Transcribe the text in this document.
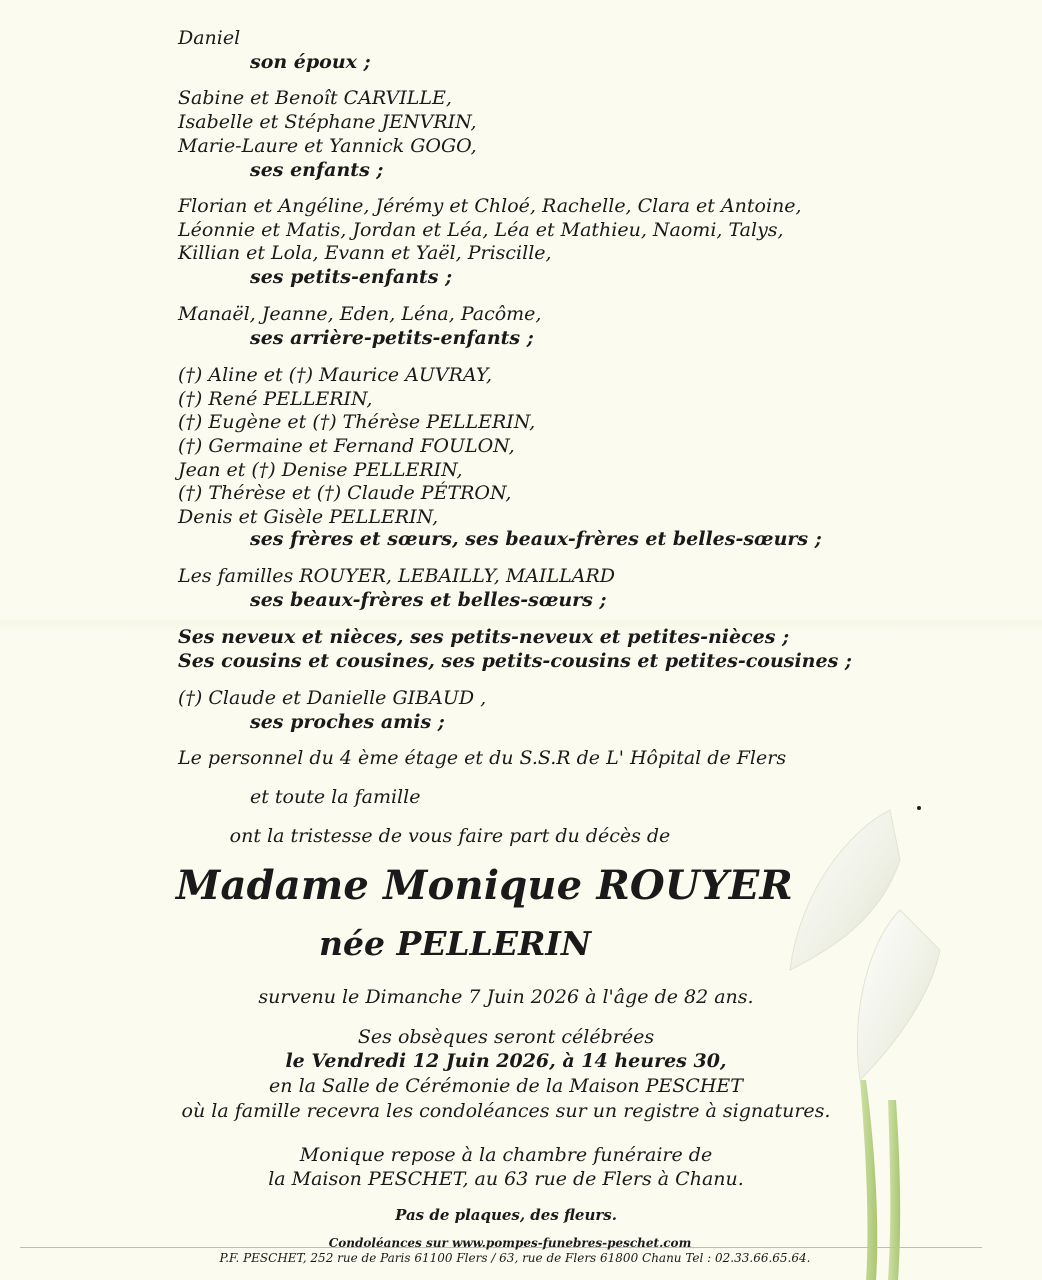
Daniel
son époux ;
Sabine et Benoît CARVILLE,
Isabelle et Stéphane JENVRIN,
Marie-Laure et Yannick GOGO,
ses enfants ;
Florian et Angéline, Jérémy et Chloé, Rachelle, Clara et Antoine,
Léonnie et Matis, Jordan et Léa, Léa et Mathieu, Naomi, Talys,
Killian et Lola, Evann et Yaël, Priscille,
ses petits-enfants ;
Manaël, Jeanne, Eden, Léna, Pacôme,
ses arrière-petits-enfants ;
(†) Aline et (†) Maurice AUVRAY,
(†) René PELLERIN,
(†) Eugène et (†) Thérèse PELLERIN,
(†) Germaine et Fernand FOULON,
Jean et (†) Denise PELLERIN,
(†) Thérèse et (†) Claude PÉTRON,
Denis et Gisèle PELLERIN,
ses frères et sœurs, ses beaux-frères et belles-sœurs ;
Les familles ROUYER, LEBAILLY, MAILLARD
ses beaux-frères et belles-sœurs ;
Ses neveux et nièces, ses petits-neveux et petites-nièces ;
Ses cousins et cousines, ses petits-cousins et petites-cousines ;
(†) Claude et Danielle GIBAUD ,
ses proches amis ;
Le personnel du 4 ème étage et du S.S.R de L' Hôpital de Flers
et toute la famille
ont la tristesse de vous faire part du décès de
Madame Monique ROUYER
née PELLERIN
survenu le Dimanche 7 Juin 2026 à l'âge de 82 ans.
Ses obsèques seront célébrées
le Vendredi 12 Juin 2026, à 14 heures 30,
en la Salle de Cérémonie de la Maison PESCHET
où la famille recevra les condoléances sur un registre à signatures.
Monique repose à la chambre funéraire de
la Maison PESCHET, au 63 rue de Flers à Chanu.
Pas de plaques, des fleurs.
Condoléances sur www.pompes-funebres-peschet.com
P.F. PESCHET, 252 rue de Paris 61100 Flers / 63, rue de Flers 61800 Chanu Tel : 02.33.66.65.64.
